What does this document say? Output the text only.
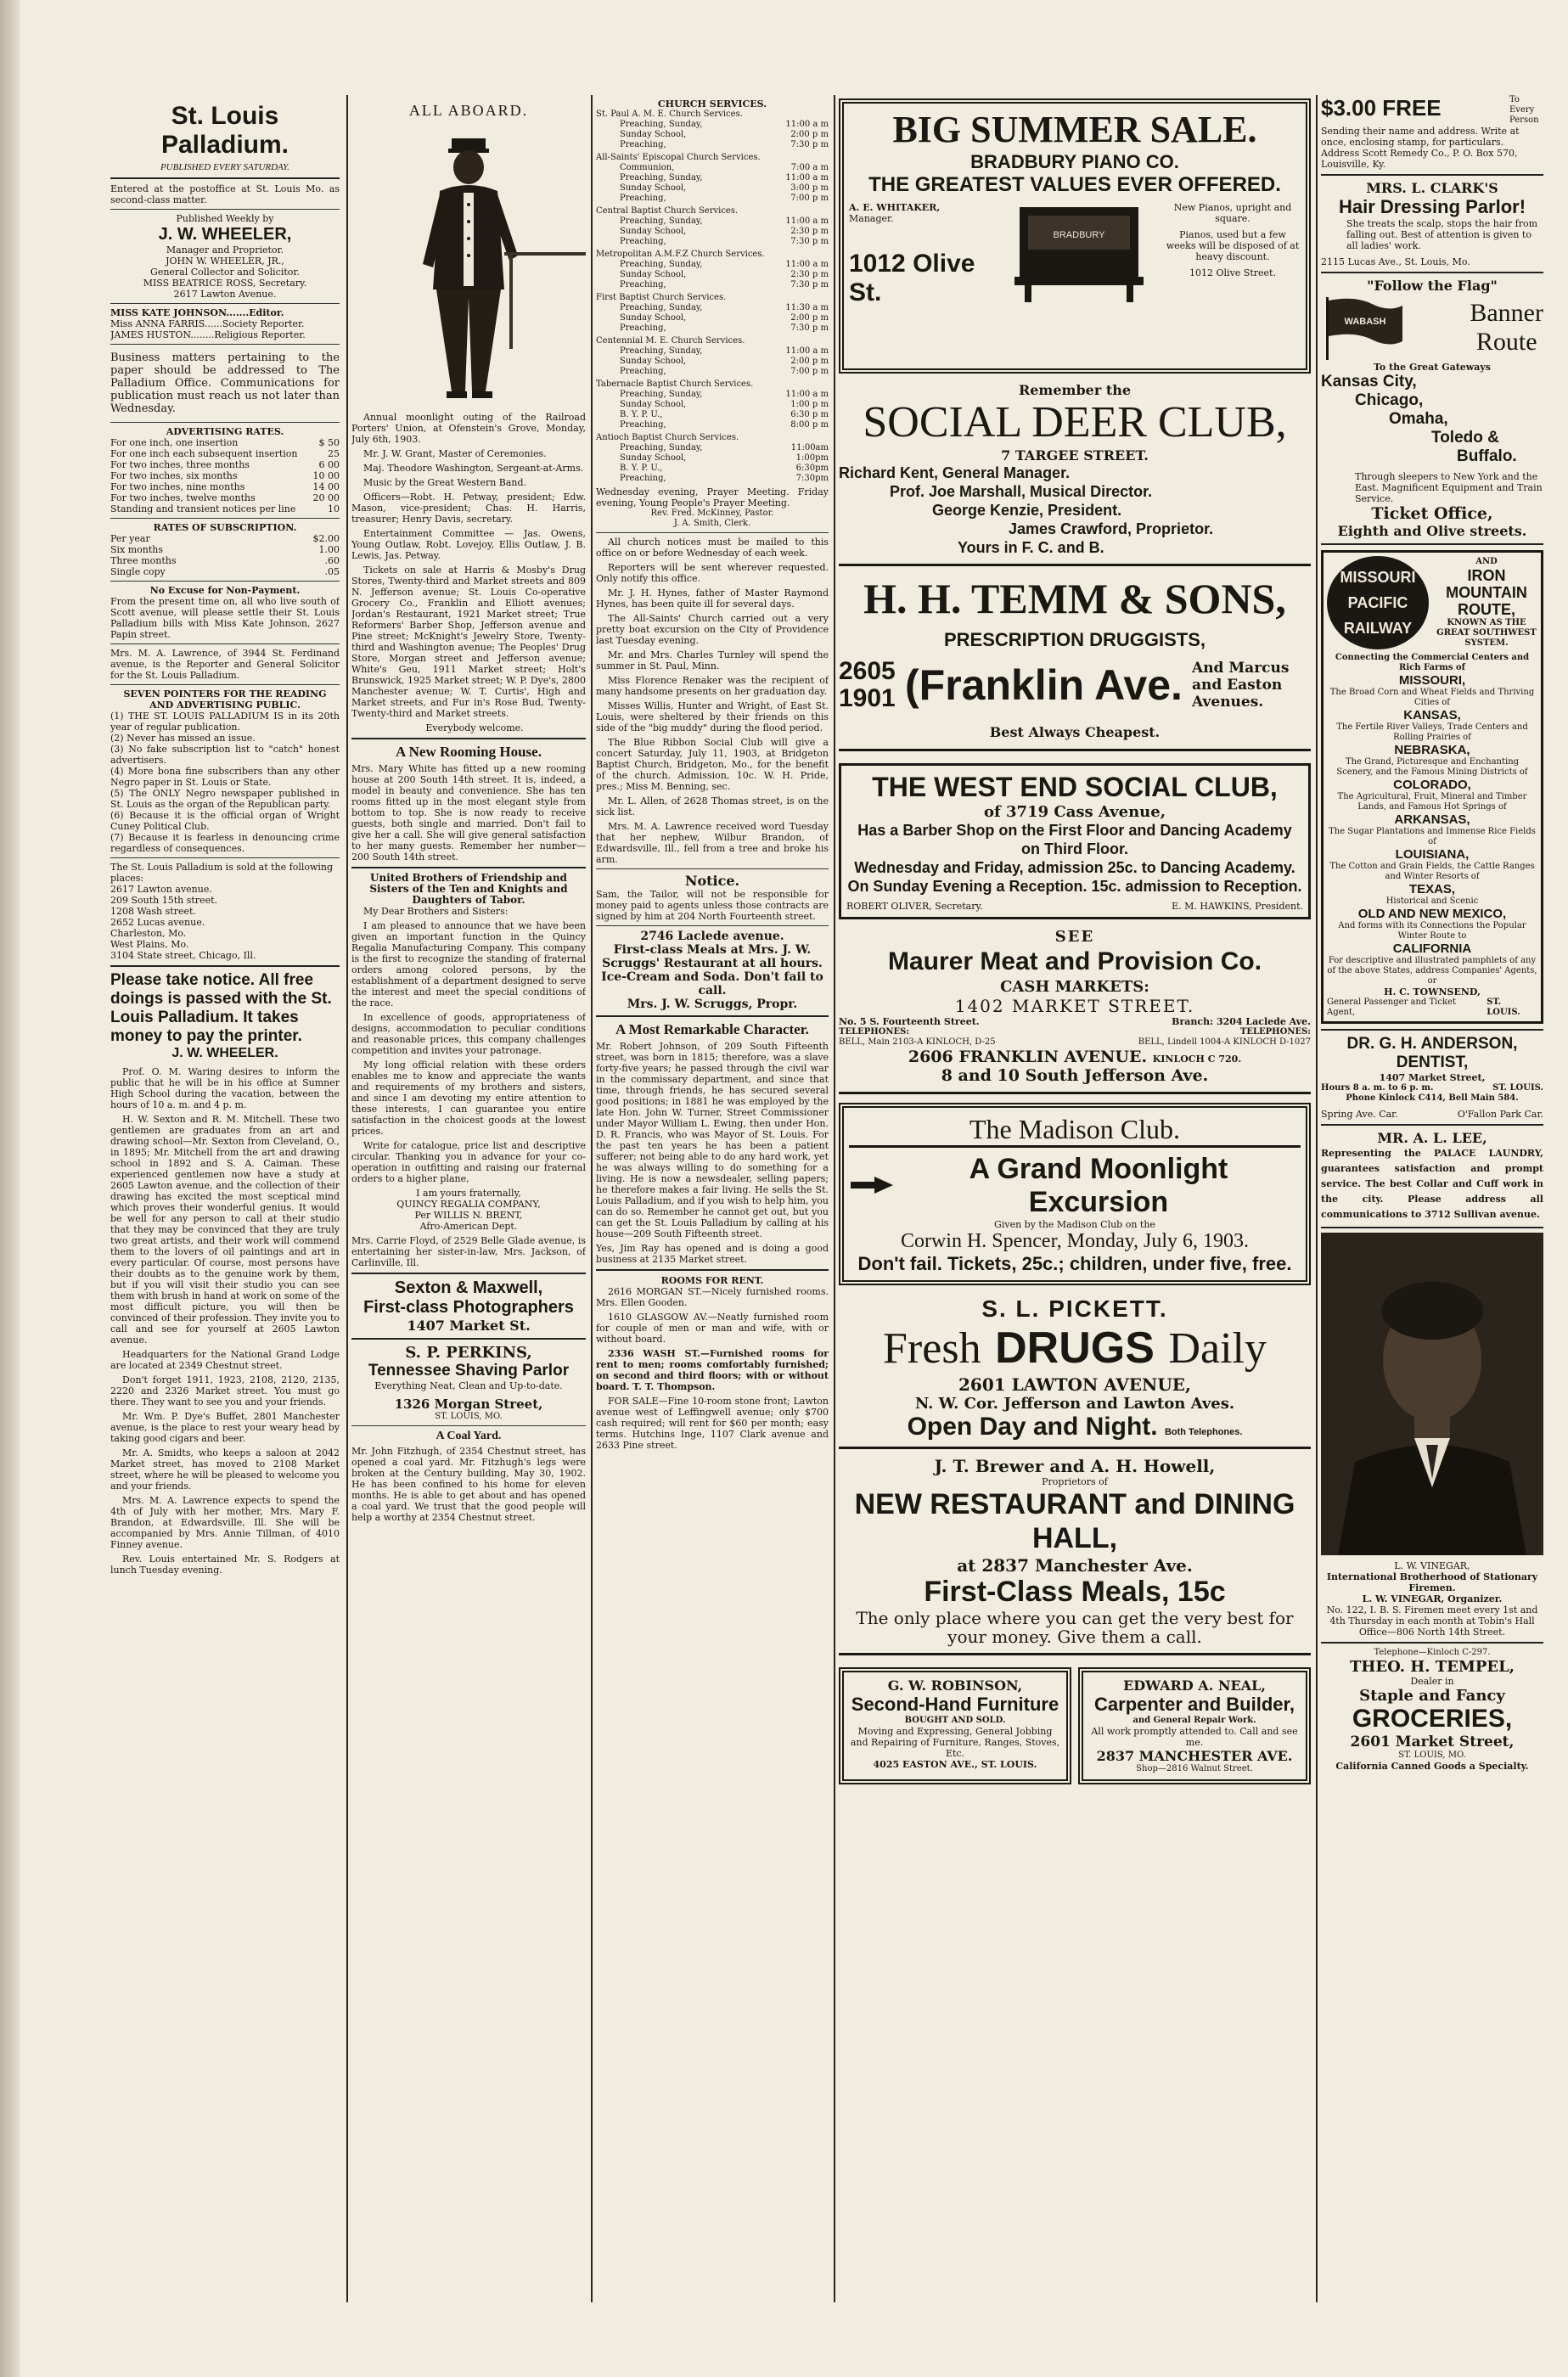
St. Louis Palladium.
PUBLISHED EVERY SATURDAY.
Entered at the postoffice at St. Louis Mo. as second-class matter.
Published Weekly by
J. W. WHEELER,
Manager and Proprietor.
JOHN W. WHEELER, JR.,
General Collector and Solicitor.
MISS BEATRICE ROSS, Secretary.
2617 Lawton Avenue.
MISS KATE JOHNSON.......Editor.
Miss ANNA FARRIS......Society Reporter.
JAMES HUSTON........Religious Reporter.
Business matters pertaining to the paper should be addressed to The Palladium Office. Communications for publication must reach us not later than Wednesday.
ADVERTISING RATES.
For one inch, one insertion	$ 50
For one inch each subsequent insertion	25
For two inches, three months	6 00
For two inches, six months	10 00
For two inches, nine months	14 00
For two inches, twelve months	20 00
Standing and transient notices per line	10
RATES OF SUBSCRIPTION.
Per year	$2.00
Six months	1.00
Three months	.60
Single copy	.05
No Excuse for Non-Payment.
From the present time on, all who live south of Scott avenue, will please settle their St. Louis Palladium bills with Miss Kate Johnson, 2627 Papin street.
Mrs. M. A. Lawrence, of 3944 St. Ferdinand avenue, is the Reporter and General Solicitor for the St. Louis Palladium.
SEVEN POINTERS FOR THE READING AND ADVERTISING PUBLIC.
(1) THE ST. LOUIS PALLADIUM IS in its 20th year of regular publication.
(2) Never has missed an issue.
(3) No fake subscription list to "catch" honest advertisers.
(4) More bona fine subscribers than any other Negro paper in St. Louis or State.
(5) The ONLY Negro newspaper published in St. Louis as the organ of the Republican party.
(6) Because it is the official organ of Wright Cuney Political Club.
(7) Because it is fearless in denouncing crime regardless of consequences.
The St. Louis Palladium is sold at the following places:
2617 Lawton avenue.
209 South 15th street.
1208 Wash street.
2652 Lucas avenue.
Charleston, Mo.
West Plains, Mo.
3104 State street, Chicago, Ill.
Please take notice. All free doings is passed with the St. Louis Palladium. It takes money to pay the printer.
J. W. WHEELER.

Prof. O. M. Waring desires to inform the public that he will be in his office at Sumner High School during the vacation, between the hours of 10 a. m. and 4 p. m.

H. W. Sexton and R. M. Mitchell. These two gentlemen are graduates from an art and drawing school—Mr. Sexton from Cleveland, O., in 1895; Mr. Mitchell from the art and drawing school in 1892 and S. A. Caiman. These experienced gentlemen now have a study at 2605 Lawton avenue, and the collection of their drawing has excited the most sceptical mind which proves their wonderful genius. It would be well for any person to call at their studio that they may be convinced that they are truly two great artists, and their work will commend them to the lovers of oil paintings and art in every particular. Of course, most persons have their doubts as to the genuine work by them, but if you will visit their studio you can see them with brush in hand at work on some of the most difficult picture, you will then be convinced of their profession. They invite you to call and see for yourself at 2605 Lawton avenue.

Headquarters for the National Grand Lodge are located at 2349 Chestnut street.

Don't forget 1911, 1923, 2108, 2120, 2135, 2220 and 2326 Market street. You must go there. They want to see you and your friends.

Mr. Wm. P. Dye's Buffet, 2801 Manchester avenue, is the place to rest your weary head by taking good cigars and beer.

Mr. A. Smidts, who keeps a saloon at 2042 Market street, has moved to 2108 Market street, where he will be pleased to welcome you and your friends.

Mrs. M. A. Lawrence expects to spend the 4th of July with her mother, Mrs. Mary F. Brandon, at Edwardsville, Ill. She will be accompanied by Mrs. Annie Tillman, of 4010 Finney avenue.

Rev. Louis entertained Mr. S. Rodgers at lunch Tuesday evening.

ALL ABOARD.

Annual moonlight outing of the Railroad Porters' Union, at Ofenstein's Grove, Monday, July 6th, 1903.

Mr. J. W. Grant, Master of Ceremonies.

Maj. Theodore Washington, Sergeant-at-Arms.

Music by the Great Western Band.

Officers—Robt. H. Petway, president; Edw. Mason, vice-president; Chas. H. Harris, treasurer; Henry Davis, secretary.

Entertainment Committee — Jas. Owens, Young Outlaw, Robt. Lovejoy, Ellis Outlaw, J. B. Lewis, Jas. Petway.

Tickets on sale at Harris & Mosby's Drug Stores, Twenty-third and Market streets and 809 N. Jefferson avenue; St. Louis Co-operative Grocery Co., Franklin and Elliott avenues; Jordan's Restaurant, 1921 Market street; True Reformers' Barber Shop, Jefferson avenue and Pine street; McKnight's Jewelry Store, Twenty-third and Washington avenue; The Peoples' Drug Store, Morgan street and Jefferson avenue; White's Geu, 1911 Market street; Holt's Brunswick, 1925 Market street; W. P. Dye's, 2800 Manchester avenue; W. T. Curtis', High and Market streets, and Fur in's Rose Bud, Twenty-Twenty-third and Market streets.

Everybody welcome.

A New Rooming House.
Mrs. Mary White has fitted up a new rooming house at 200 South 14th street. It is, indeed, a model in beauty and convenience. She has ten rooms fitted up in the most elegant style from bottom to top. She is now ready to receive guests, both single and married. Don't fail to give her a call. She will give general satisfaction to her many guests. Remember her number—200 South 14th street.
United Brothers of Friendship and Sisters of the Ten and Knights and Daughters of Tabor.

My Dear Brothers and Sisters:

I am pleased to announce that we have been given an important function in the Quincy Regalia Manufacturing Company. This company is the first to recognize the standing of fraternal orders among colored persons, by the establishment of a department designed to serve the interest and meet the special conditions of the race.

In excellence of goods, appropriateness of designs, accommodation to peculiar conditions and reasonable prices, this company challenges competition and invites your patronage.

My long official relation with these orders enables me to know and appreciate the wants and requirements of my brothers and sisters, and since I am devoting my entire attention to these interests, I can guarantee you entire satisfaction in the choicest goods at the lowest prices.

Write for catalogue, price list and descriptive circular. Thanking you in advance for your co-operation in outfitting and raising our fraternal orders to a higher plane,

I am yours fraternally,
QUINCY REGALIA COMPANY,
Per WILLIS N. BRENT,
Afro-American Dept.
Mrs. Carrie Floyd, of 2529 Belle Glade avenue, is entertaining her sister-in-law, Mrs. Jackson, of Carlinville, Ill.
Sexton & Maxwell,
First-class Photographers
1407 Market St.
S. P. PERKINS,
Tennessee Shaving Parlor
Everything Neat, Clean and Up-to-date.
1326 Morgan Street,
ST. LOUIS, MO.
A Coal Yard.
Mr. John Fitzhugh, of 2354 Chestnut street, has opened a coal yard. Mr. Fitzhugh's legs were broken at the Century building, May 30, 1902. He has been confined to his home for eleven months. He is able to get about and has opened a coal yard. We trust that the good people will help a worthy at 2354 Chestnut street.
CHURCH SERVICES.
St. Paul A. M. E. Church Services.
Preaching, Sunday,	11:00 a m
Sunday School,	2:00 p m
Preaching,	7:30 p m
All-Saints' Episcopal Church Services.
Communion,	7:00 a m
Preaching, Sunday,	11:00 a m
Sunday School,	3:00 p m
Preaching,	7:00 p m
Central Baptist Church Services.
Preaching, Sunday,	11:00 a m
Sunday School,	2:30 p m
Preaching,	7:30 p m
Metropolitan A.M.F.Z Church Services.
Preaching, Sunday,	11:00 a m
Sunday School,	2:30 p m
Preaching,	7:30 p m
First Baptist Church Services.
Preaching, Sunday,	11:30 a m
Sunday School,	2:00 p m
Preaching,	7:30 p m
Centennial M. E. Church Services.
Preaching, Sunday,	11:00 a m
Sunday School,	2:00 p m
Preaching,	7:00 p m
Tabernacle Baptist Church Services.
Preaching, Sunday,	11:00 a m
Sunday School,	1:00 p m
B. Y. P. U.,	6:30 p m
Preaching,	8:00 p m
Antioch Baptist Church Services.
Preaching, Sunday,	11:00am
Sunday School,	1:00pm
B. Y. P. U.,	6:30pm
Preaching,	7:30pm
Wednesday evening, Prayer Meeting. Friday evening, Young People's Prayer Meeting.
Rev. Fred. McKinney, Pastor.
J. A. Smith, Clerk.

All church notices must be mailed to this office on or before Wednesday of each week.

Reporters will be sent wherever requested. Only notify this office.

Mr. J. H. Hynes, father of Master Raymond Hynes, has been quite ill for several days.

The All-Saints' Church carried out a very pretty boat excursion on the City of Providence last Tuesday evening.

Mr. and Mrs. Charles Turnley will spend the summer in St. Paul, Minn.

Miss Florence Renaker was the recipient of many handsome presents on her graduation day.

Misses Willis, Hunter and Wright, of East St. Louis, were sheltered by their friends on this side of the "big muddy" during the flood period.

The Blue Ribbon Social Club will give a concert Saturday, July 11, 1903, at Bridgeton Baptist Church, Bridgeton, Mo., for the benefit of the church. Admission, 10c. W. H. Pride, pres.; Miss M. Benning, sec.

Mr. L. Allen, of 2628 Thomas street, is on the sick list.

Mrs. M. A. Lawrence received word Tuesday that her nephew, Wilbur Brandon, of Edwardsville, Ill., fell from a tree and broke his arm.

Notice.
Sam, the Tailor, will not be responsible for money paid to agents unless those contracts are signed by him at 204 North Fourteenth street.
2746 Laclede avenue.
First-class Meals at Mrs. J. W. Scruggs' Restaurant at all hours. Ice-Cream and Soda. Don't fail to call.
Mrs. J. W. Scruggs, Propr.
A Most Remarkable Character.
Mr. Robert Johnson, of 209 South Fifteenth street, was born in 1815; therefore, was a slave forty-five years; he passed through the civil war in the commissary department, and since that time, through friends, he has secured several good positions; in 1881 he was employed by the late Hon. John W. Turner, Street Commissioner under Mayor William L. Ewing, then under Hon. D. R. Francis, who was Mayor of St. Louis. For the past ten years he has been a patient sufferer; not being able to do any hard work, yet he was always willing to do something for a living. He is now a newsdealer, selling papers; he therefore makes a fair living. He sells the St. Louis Palladium, and if you wish to help him, you can do so. Remember he cannot get out, but you can get the St. Louis Palladium by calling at his house—209 South Fifteenth street.
Yes, Jim Ray has opened and is doing a good business at 2135 Market street.
ROOMS FOR RENT.

2616 MORGAN ST.—Nicely furnished rooms. Mrs. Ellen Gooden.

1610 GLASGOW AV.—Neatly furnished room for couple of men or man and wife, with or without board.

2336 WASH ST.—Furnished rooms for rent to men; rooms comfortably furnished; on second and third floors; with or without board. T. T. Thompson.

FOR SALE—Fine 10-room stone front; Lawton avenue west of Leffingwell avenue; only $700 cash required; will rent for $60 per month; easy terms. Hutchins Inge, 1107 Clark avenue and 2633 Pine street.

BIG SUMMER SALE.
BRADBURY PIANO CO.
THE GREATEST VALUES EVER OFFERED.
A. E. WHITAKER,
Manager.
1012 Olive St.
BRADBURY
New Pianos, upright and square.
Pianos, used but a few weeks will be disposed of at heavy discount.
1012 Olive Street.
Remember the
SOCIAL DEER CLUB,
7 TARGEE STREET.
Richard Kent, General Manager.
Prof. Joe Marshall, Musical Director.
George Kenzie, President.
James Crawford, Proprietor.
Yours in F. C. and B.
H. H. TEMM & SONS,
PRESCRIPTION DRUGGISTS,
2605 1901 (Franklin Ave. And Marcus and Easton Avenues.
Best Always Cheapest.
THE WEST END SOCIAL CLUB,
of 3719 Cass Avenue,
Has a Barber Shop on the First Floor and Dancing Academy on Third Floor.
Wednesday and Friday, admission 25c. to Dancing Academy.
On Sunday Evening a Reception. 15c. admission to Reception.
ROBERT OLIVER, Secretary.	E. M. HAWKINS, President.
SEE
Maurer Meat and Provision Co.
CASH MARKETS:
1402 MARKET STREET.
No. 5 S. Fourteenth Street.	Branch: 3204 Laclede Ave.
TELEPHONES:	TELEPHONES:
BELL, Main 2103-A KINLOCH, D-25	BELL, Lindell 1004-A KINLOCH D-1027
2606 FRANKLIN AVENUE. KINLOCH C 720.
8 and 10 South Jefferson Ave.
The Madison Club.
A Grand Moonlight Excursion
Given by the Madison Club on the
Corwin H. Spencer, Monday, July 6, 1903.
Don't fail. Tickets, 25c.; children, under five, free.
S. L. PICKETT.
Fresh DRUGS Daily
2601 LAWTON AVENUE,
N. W. Cor. Jefferson and Lawton Aves.
Open Day and Night. Both Telephones.
J. T. Brewer and A. H. Howell,
Proprietors of
NEW RESTAURANT and DINING HALL,
at 2837 Manchester Ave.
First-Class Meals, 15c
The only place where you can get the very best for your money. Give them a call.
G. W. ROBINSON,
Second-Hand Furniture
BOUGHT AND SOLD.
Moving and Expressing, General Jobbing and Repairing of Furniture, Ranges, Stoves, Etc.
4025 EASTON AVE., ST. LOUIS.
EDWARD A. NEAL,
Carpenter and Builder,
and General Repair Work.
All work promptly attended to. Call and see me.
2837 MANCHESTER AVE.
Shop—2816 Walnut Street.
$3.00 FREE	To Every Person
Sending their name and address. Write at once, enclosing stamp, for particulars. Address Scott Remedy Co., P. O. Box 570, Louisville, Ky.
MRS. L. CLARK'S
Hair Dressing Parlor!
She treats the scalp, stops the hair from falling out. Best of attention is given to all ladies' work.
2115 Lucas Ave., St. Louis, Mo.
"Follow the Flag"
WABASH	Banner
Route
To the Great Gateways
Kansas City,
Chicago,
Omaha,
Toledo &
Buffalo.
Through sleepers to New York and the East. Magnificent Equipment and Train Service.
Ticket Office,
Eighth and Olive streets.
MISSOURI
PACIFIC
RAILWAY
AND
IRON MOUNTAIN ROUTE,
KNOWN AS THE GREAT SOUTHWEST SYSTEM.
Connecting the Commercial Centers and Rich Farms of
MISSOURI,
The Broad Corn and Wheat Fields and Thriving Cities of
KANSAS,
The Fertile River Valleys, Trade Centers and Rolling Prairies of
NEBRASKA,
The Grand, Picturesque and Enchanting Scenery, and the Famous Mining Districts of
COLORADO,
The Agricultural, Fruit, Mineral and Timber Lands, and Famous Hot Springs of
ARKANSAS,
The Sugar Plantations and Immense Rice Fields of
LOUISIANA,
The Cotton and Grain Fields, the Cattle Ranges and Winter Resorts of
TEXAS,
Historical and Scenic
OLD AND NEW MEXICO,
And forms with its Connections the Popular Winter Route to
CALIFORNIA
For descriptive and illustrated pamphlets of any of the above States, address Companies' Agents, or
H. C. TOWNSEND,
General Passenger and Ticket Agent,
ST. LOUIS.
DR. G. H. ANDERSON,
DENTIST,
1407 Market Street,
Hours 8 a. m. to 6 p. m.	ST. LOUIS.
Phone Kinlock C414, Bell Main 584.
Spring Ave. Car.	O'Fallon Park Car.
MR. A. L. LEE,
Representing the PALACE LAUNDRY, guarantees satisfaction and prompt service. The best Collar and Cuff work in the city. Please address all communications to 3712 Sullivan avenue.
L. W. VINEGAR,
International Brotherhood of Stationary Firemen.
L. W. VINEGAR, Organizer.
No. 122, I. B. S. Firemen meet every 1st and 4th Thursday in each month at Tobin's Hall
Office—806 North 14th Street.
Telephone—Kinloch C-297.
THEO. H. TEMPEL,
Dealer in
Staple and Fancy
GROCERIES,
2601 Market Street,
ST. LOUIS, MO.
California Canned Goods a Specialty.
